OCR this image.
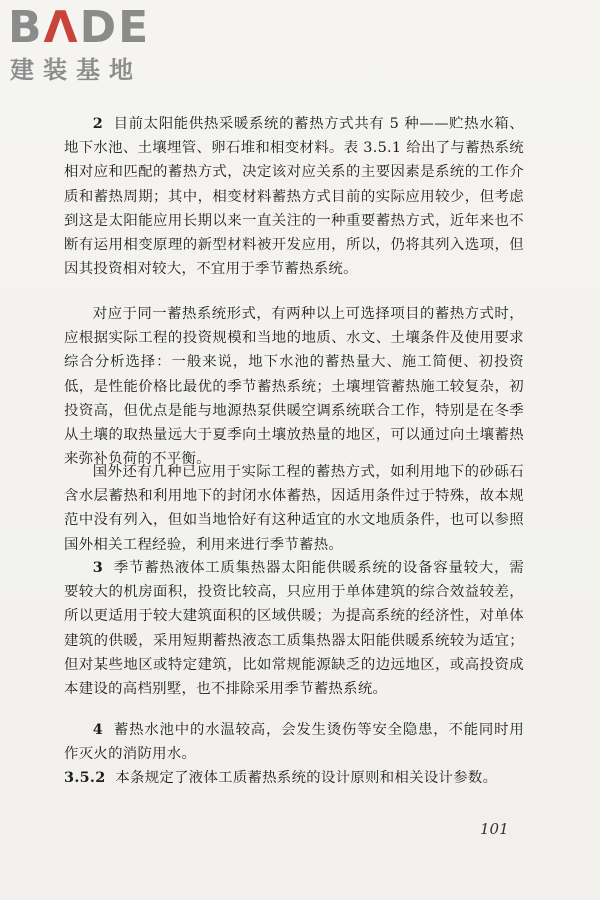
BΛDE
建装基地

2 目前太阳能供热采暖系统的蓄热方式共有 5 种——贮热水箱、地下水池、土壤埋管、卵石堆和相变材料。表 3.5.1 给出了与蓄热系统相对应和匹配的蓄热方式，决定该对应关系的主要因素是系统的工作介质和蓄热周期；其中，相变材料蓄热方式目前的实际应用较少，但考虑到这是太阳能应用长期以来一直关注的一种重要蓄热方式，近年来也不断有运用相变原理的新型材料被开发应用，所以，仍将其列入选项，但因其投资相对较大，不宜用于季节蓄热系统。

对应于同一蓄热系统形式，有两种以上可选择项目的蓄热方式时，应根据实际工程的投资规模和当地的地质、水文、土壤条件及使用要求综合分析选择：一般来说，地下水池的蓄热量大、施工简便、初投资低，是性能价格比最优的季节蓄热系统；土壤埋管蓄热施工较复杂，初投资高，但优点是能与地源热泵供暖空调系统联合工作，特别是在冬季从土壤的取热量远大于夏季向土壤放热量的地区，可以通过向土壤蓄热来弥补负荷的不平衡。

国外还有几种已应用于实际工程的蓄热方式，如利用地下的砂砾石含水层蓄热和利用地下的封闭水体蓄热，因适用条件过于特殊，故本规范中没有列入，但如当地恰好有这种适宜的水文地质条件，也可以参照国外相关工程经验，利用来进行季节蓄热。

3 季节蓄热液体工质集热器太阳能供暖系统的设备容量较大，需要较大的机房面积，投资比较高，只应用于单体建筑的综合效益较差，所以更适用于较大建筑面积的区域供暖；为提高系统的经济性，对单体建筑的供暖，采用短期蓄热液态工质集热器太阳能供暖系统较为适宜；但对某些地区或特定建筑，比如常规能源缺乏的边远地区，或高投资成本建设的高档别墅，也不排除采用季节蓄热系统。

4 蓄热水池中的水温较高，会发生烫伤等安全隐患，不能同时用作灭火的消防用水。

3.5.2 本条规定了液体工质蓄热系统的设计原则和相关设计参数。

101
